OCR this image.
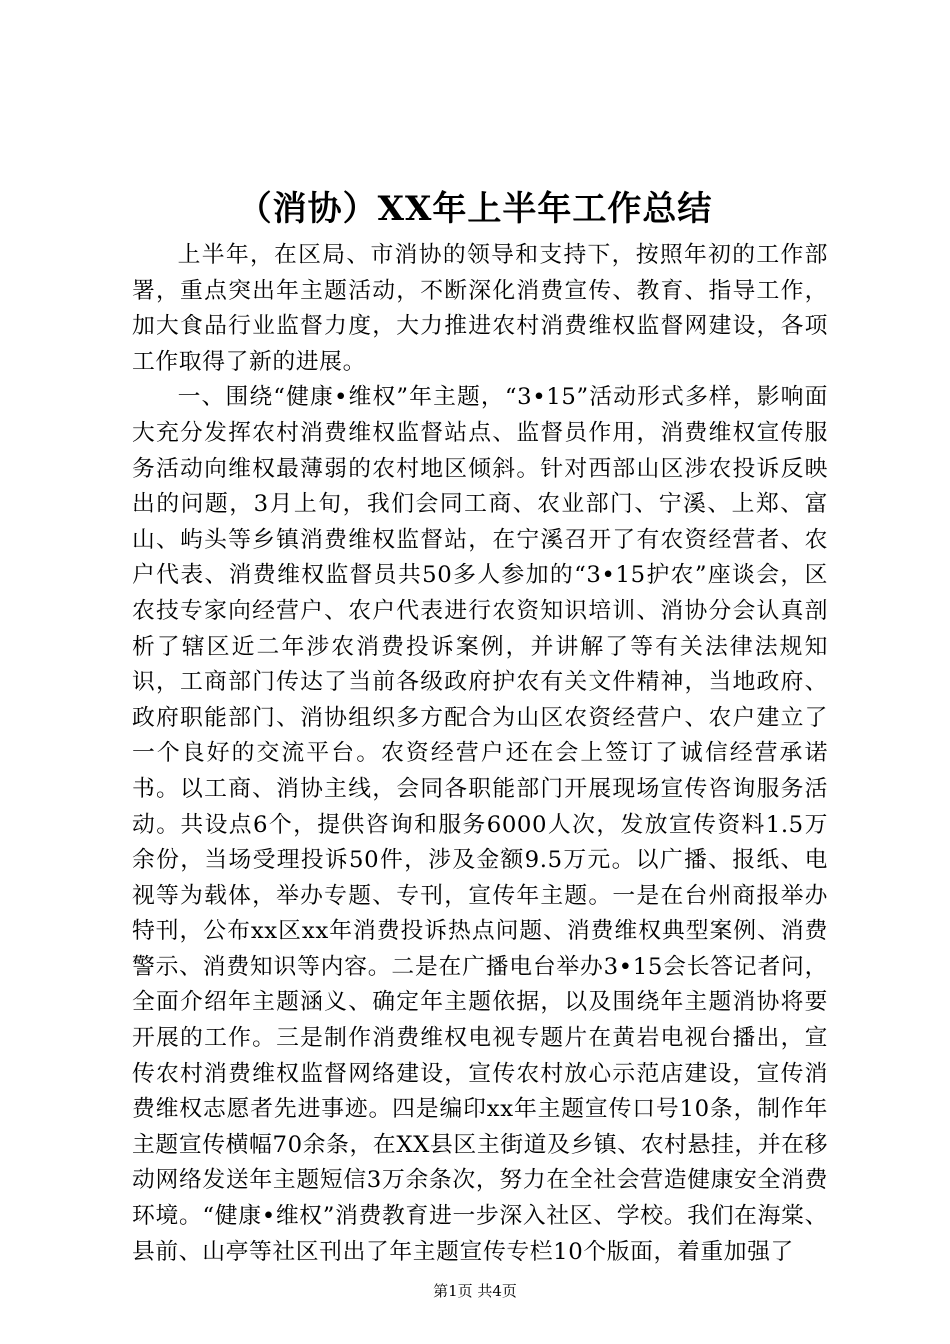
（消协）XX年上半年工作总结

上半年，在区局、市消协的领导和支持下，按照年初的工作部署，重点突出年主题活动，不断深化消费宣传、教育、指导工作，加大食品行业监督力度，大力推进农村消费维权监督网建设，各项工作取得了新的进展。

一、围绕“健康•维权”年主题，“3•15”活动形式多样，影响面大充分发挥农村消费维权监督站点、监督员作用，消费维权宣传服务活动向维权最薄弱的农村地区倾斜。针对西部山区涉农投诉反映出的问题，3月上旬，我们会同工商、农业部门、宁溪、上郑、富山、屿头等乡镇消费维权监督站，在宁溪召开了有农资经营者、农户代表、消费维权监督员共50多人参加的“3•15护农”座谈会，区农技专家向经营户、农户代表进行农资知识培训、消协分会认真剖析了辖区近二年涉农消费投诉案例，并讲解了等有关法律法规知识，工商部门传达了当前各级政府护农有关文件精神，当地政府、政府职能部门、消协组织多方配合为山区农资经营户、农户建立了一个良好的交流平台。农资经营户还在会上签订了诚信经营承诺书。以工商、消协主线，会同各职能部门开展现场宣传咨询服务活动。共设点6个，提供咨询和服务6000人次，发放宣传资料1.5万余份，当场受理投诉50件，涉及金额9.5万元。以广播、报纸、电视等为载体，举办专题、专刊，宣传年主题。一是在台州商报举办特刊，公布xx区xx年消费投诉热点问题、消费维权典型案例、消费警示、消费知识等内容。二是在广播电台举办3•15会长答记者问，全面介绍年主题涵义、确定年主题依据，以及围绕年主题消协将要开展的工作。三是制作消费维权电视专题片在黄岩电视台播出，宣传农村消费维权监督网络建设，宣传农村放心示范店建设，宣传消费维权志愿者先进事迹。四是编印xx年主题宣传口号10条，制作年主题宣传横幅70余条，在XX县区主街道及乡镇、农村悬挂，并在移动网络发送年主题短信3万余条次，努力在全社会营造健康安全消费环境。“健康•维权”消费教育进一步深入社区、学校。我们在海棠、县前、山亭等社区刊出了年主题宣传专栏10个版面，着重加强了

第1页 共4页
